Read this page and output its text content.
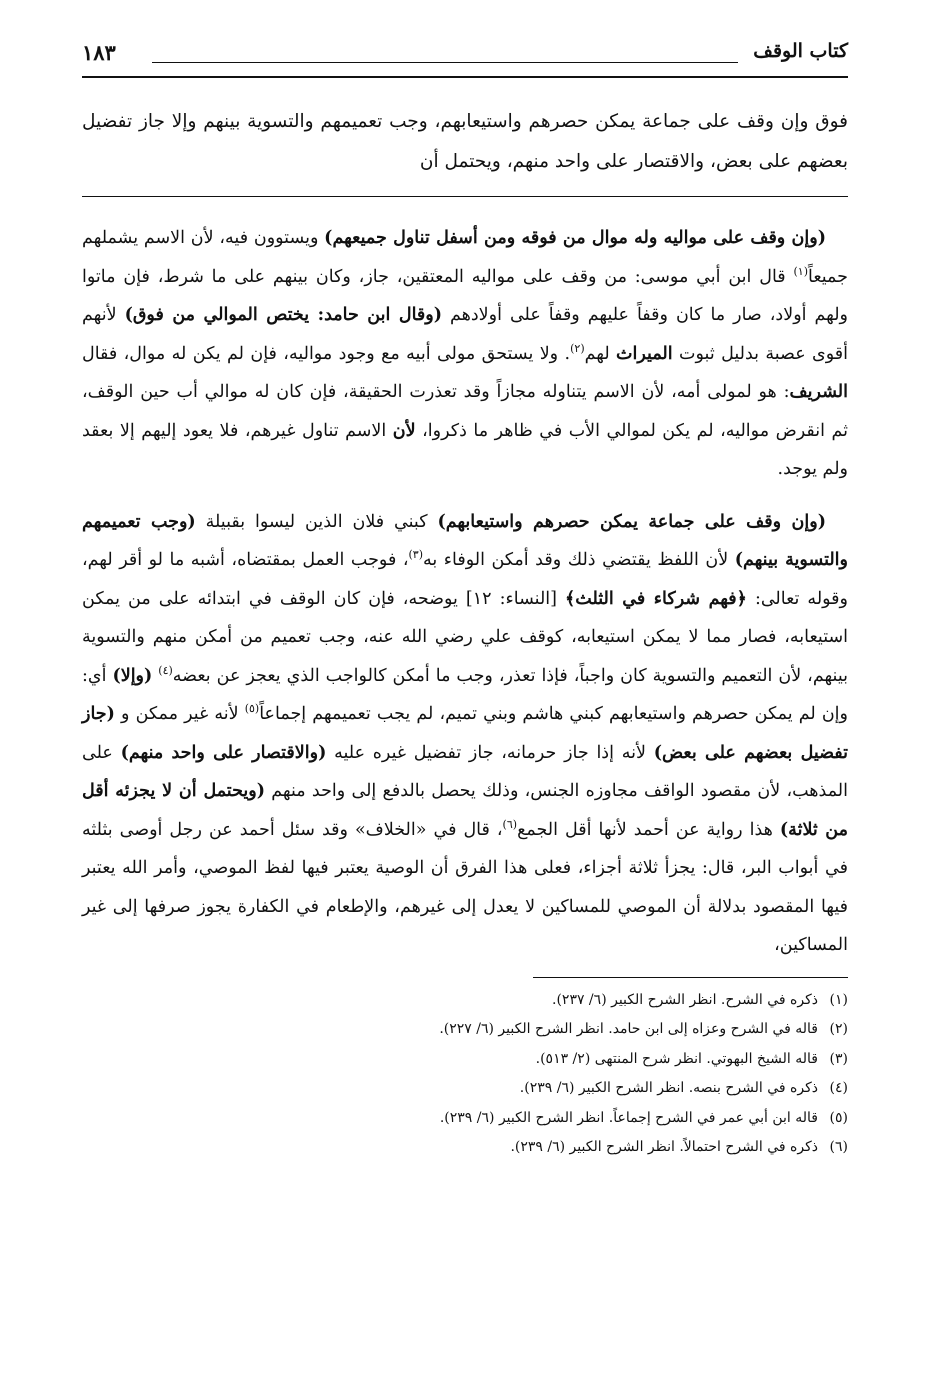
كتاب الوقف
١٨٣
فوق وإن وقف على جماعة يمكن حصرهم واستيعابهم، وجب تعميمهم والتسوية بينهم وإلا جاز تفضيل بعضهم على بعض، والاقتصار على واحد منهم، ويحتمل أن

(وإن وقف على مواليه وله موال من فوقه ومن أسفل تناول جميعهم) ويستوون فيه، لأن الاسم يشملهم جميعاً$^{(١)}$ قال ابن أبي موسى: من وقف على مواليه المعتقين، جاز، وكان بينهم على ما شرط، فإن ماتوا ولهم أولاد، صار ما كان وقفاً عليهم وقفاً على أولادهم (وقال ابن حامد: يختص الموالي من فوق) لأنهم أقوى عصبة بدليل ثبوت الميراث لهم$^{(٢)}$. ولا يستحق مولى أبيه مع وجود مواليه، فإن لم يكن له موال، فقال الشريف: هو لمولى أمه، لأن الاسم يتناوله مجازاً وقد تعذرت الحقيقة، فإن كان له موالي أب حين الوقف، ثم انقرض مواليه، لم يكن لموالي الأب في ظاهر ما ذكروا، لأن الاسم تناول غيرهم، فلا يعود إليهم إلا بعقد ولم يوجد.

(وإن وقف على جماعة يمكن حصرهم واستيعابهم) كبني فلان الذين ليسوا بقبيلة (وجب تعميمهم والتسوية بينهم) لأن اللفظ يقتضي ذلك وقد أمكن الوفاء به$^{(٣)}$، فوجب العمل بمقتضاه، أشبه ما لو أقر لهم، وقوله تعالى: ﴿فهم شركاء في الثلث﴾ [النساء: ١٢] يوضحه، فإن كان الوقف في ابتدائه على من يمكن استيعابه، فصار مما لا يمكن استيعابه، كوقف علي رضي الله عنه، وجب تعميم من أمكن منهم والتسوية بينهم، لأن التعميم والتسوية كان واجباً، فإذا تعذر، وجب ما أمكن كالواجب الذي يعجز عن بعضه$^{(٤)}$ (وإلا) أي: وإن لم يمكن حصرهم واستيعابهم كبني هاشم وبني تميم، لم يجب تعميمهم إجماعاً$^{(٥)}$ لأنه غير ممكن و (جاز تفضيل بعضهم على بعض) لأنه إذا جاز حرمانه، جاز تفضيل غيره عليه (والاقتصار على واحد منهم) على المذهب، لأن مقصود الواقف مجاوزه الجنس، وذلك يحصل بالدفع إلى واحد منهم (ويحتمل أن لا يجزئه أقل من ثلاثة) هذا رواية عن أحمد لأنها أقل الجمع$^{(٦)}$، قال في «الخلاف» وقد سئل أحمد عن رجل أوصى بثلثه في أبواب البر، قال: يجزأ ثلاثة أجزاء، فعلى هذا الفرق أن الوصية يعتبر فيها لفظ الموصي، وأمر الله يعتبر فيها المقصود بدلالة أن الموصي للمساكين لا يعدل إلى غيرهم، والإطعام في الكفارة يجوز صرفها إلى غير المساكين،

(١)ذكره في الشرح. انظر الشرح الكبير (٦/ ٢٣٧).
(٢)قاله في الشرح وعزاه إلى ابن حامد. انظر الشرح الكبير (٦/ ٢٢٧).
(٣)قاله الشيخ البهوتي. انظر شرح المنتهى (٢/ ٥١٣).
(٤)ذكره في الشرح بنصه. انظر الشرح الكبير (٦/ ٢٣٩).
(٥)قاله ابن أبي عمر في الشرح إجماعاً. انظر الشرح الكبير (٦/ ٢٣٩).
(٦)ذكره في الشرح احتمالاً. انظر الشرح الكبير (٦/ ٢٣٩).
